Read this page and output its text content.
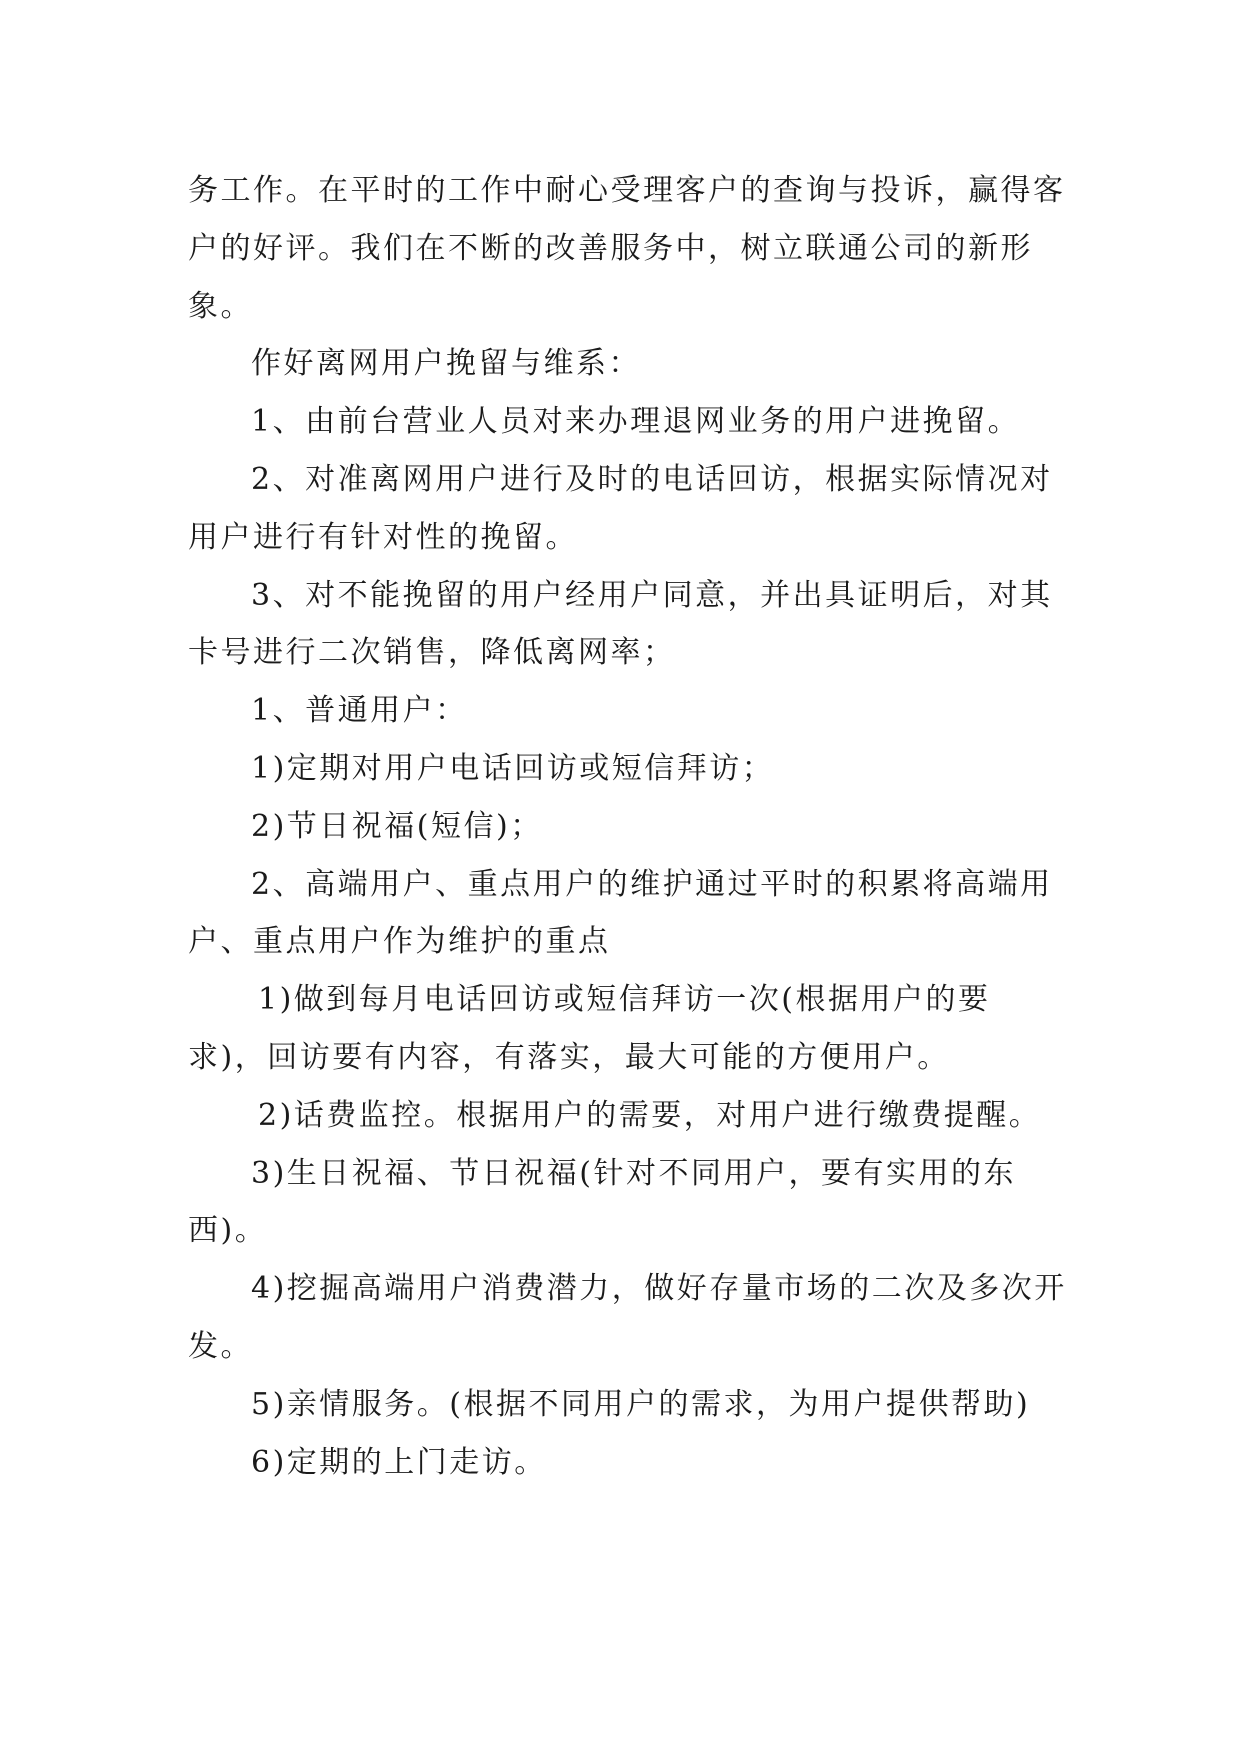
务工作。在平时的工作中耐心受理客户的查询与投诉，赢得客户的好评。我们在不断的改善服务中，树立联通公司的新形象。

作好离网用户挽留与维系：

1、由前台营业人员对来办理退网业务的用户进挽留。

2、对准离网用户进行及时的电话回访，根据实际情况对用户进行有针对性的挽留。

3、对不能挽留的用户经用户同意，并出具证明后，对其卡号进行二次销售，降低离网率；

1、普通用户：

1)定期对用户电话回访或短信拜访；

2)节日祝福(短信)；

2、高端用户、重点用户的维护通过平时的积累将高端用户、重点用户作为维护的重点

1)做到每月电话回访或短信拜访一次(根据用户的要求)，回访要有内容，有落实，最大可能的方便用户。

2)话费监控。根据用户的需要，对用户进行缴费提醒。

3)生日祝福、节日祝福(针对不同用户，要有实用的东西)。

4)挖掘高端用户消费潜力，做好存量市场的二次及多次开发。

5)亲情服务。(根据不同用户的需求，为用户提供帮助)

6)定期的上门走访。
